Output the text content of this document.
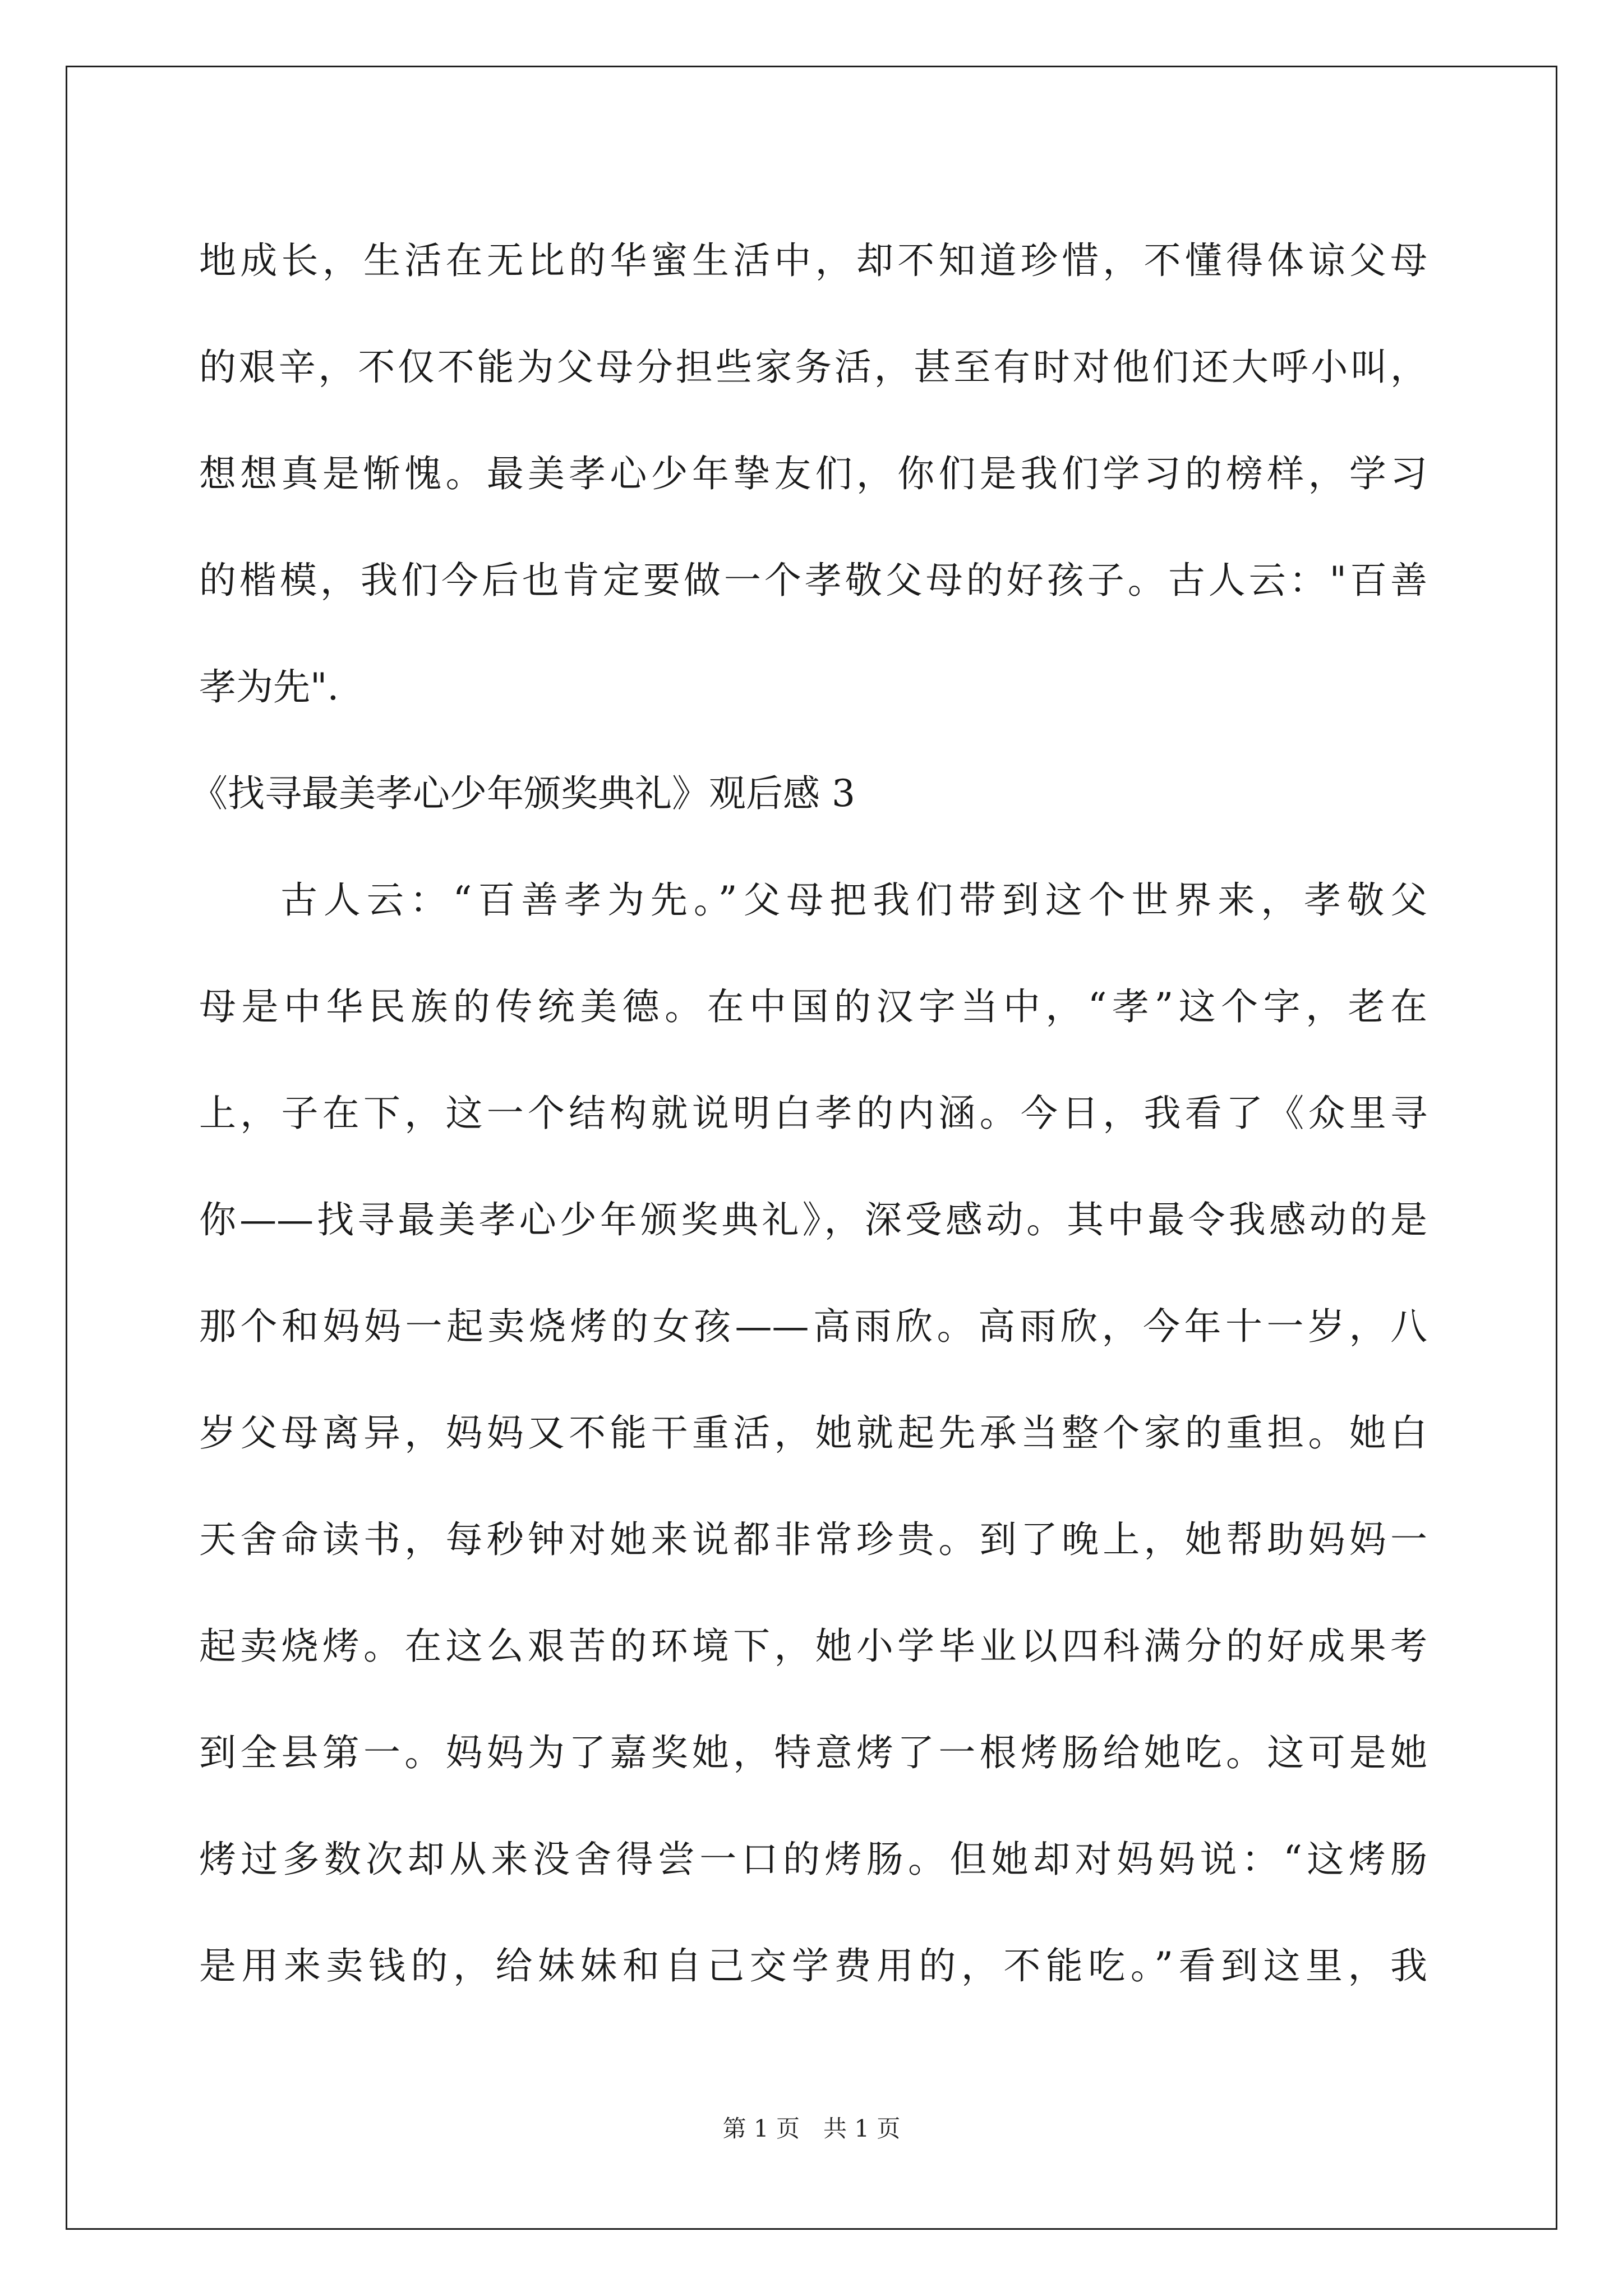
地成长，生活在无比的华蜜生活中，却不知道珍惜，不懂得体谅父母
的艰辛，不仅不能为父母分担些家务活，甚至有时对他们还大呼小叫，
想想真是惭愧。最美孝心少年挚友们，你们是我们学习的榜样，学习
的楷模，我们今后也肯定要做一个孝敬父母的好孩子。古人云："百善
孝为先".
《找寻最美孝心少年颁奖典礼》观后感 3
古人云：“百善孝为先。”父母把我们带到这个世界来，孝敬父
母是中华民族的传统美德。在中国的汉字当中，“孝”这个字，老在
上，子在下，这一个结构就说明白孝的内涵。今日，我看了《众里寻
你——找寻最美孝心少年颁奖典礼》，深受感动。其中最令我感动的是
那个和妈妈一起卖烧烤的女孩——高雨欣。高雨欣，今年十一岁，八
岁父母离异，妈妈又不能干重活，她就起先承当整个家的重担。她白
天舍命读书，每秒钟对她来说都非常珍贵。到了晚上，她帮助妈妈一
起卖烧烤。在这么艰苦的环境下，她小学毕业以四科满分的好成果考
到全县第一。妈妈为了嘉奖她，特意烤了一根烤肠给她吃。这可是她
烤过多数次却从来没舍得尝一口的烤肠。但她却对妈妈说：“这烤肠
是用来卖钱的，给妹妹和自己交学费用的，不能吃。”看到这里，我
第 1 页　共 1 页
